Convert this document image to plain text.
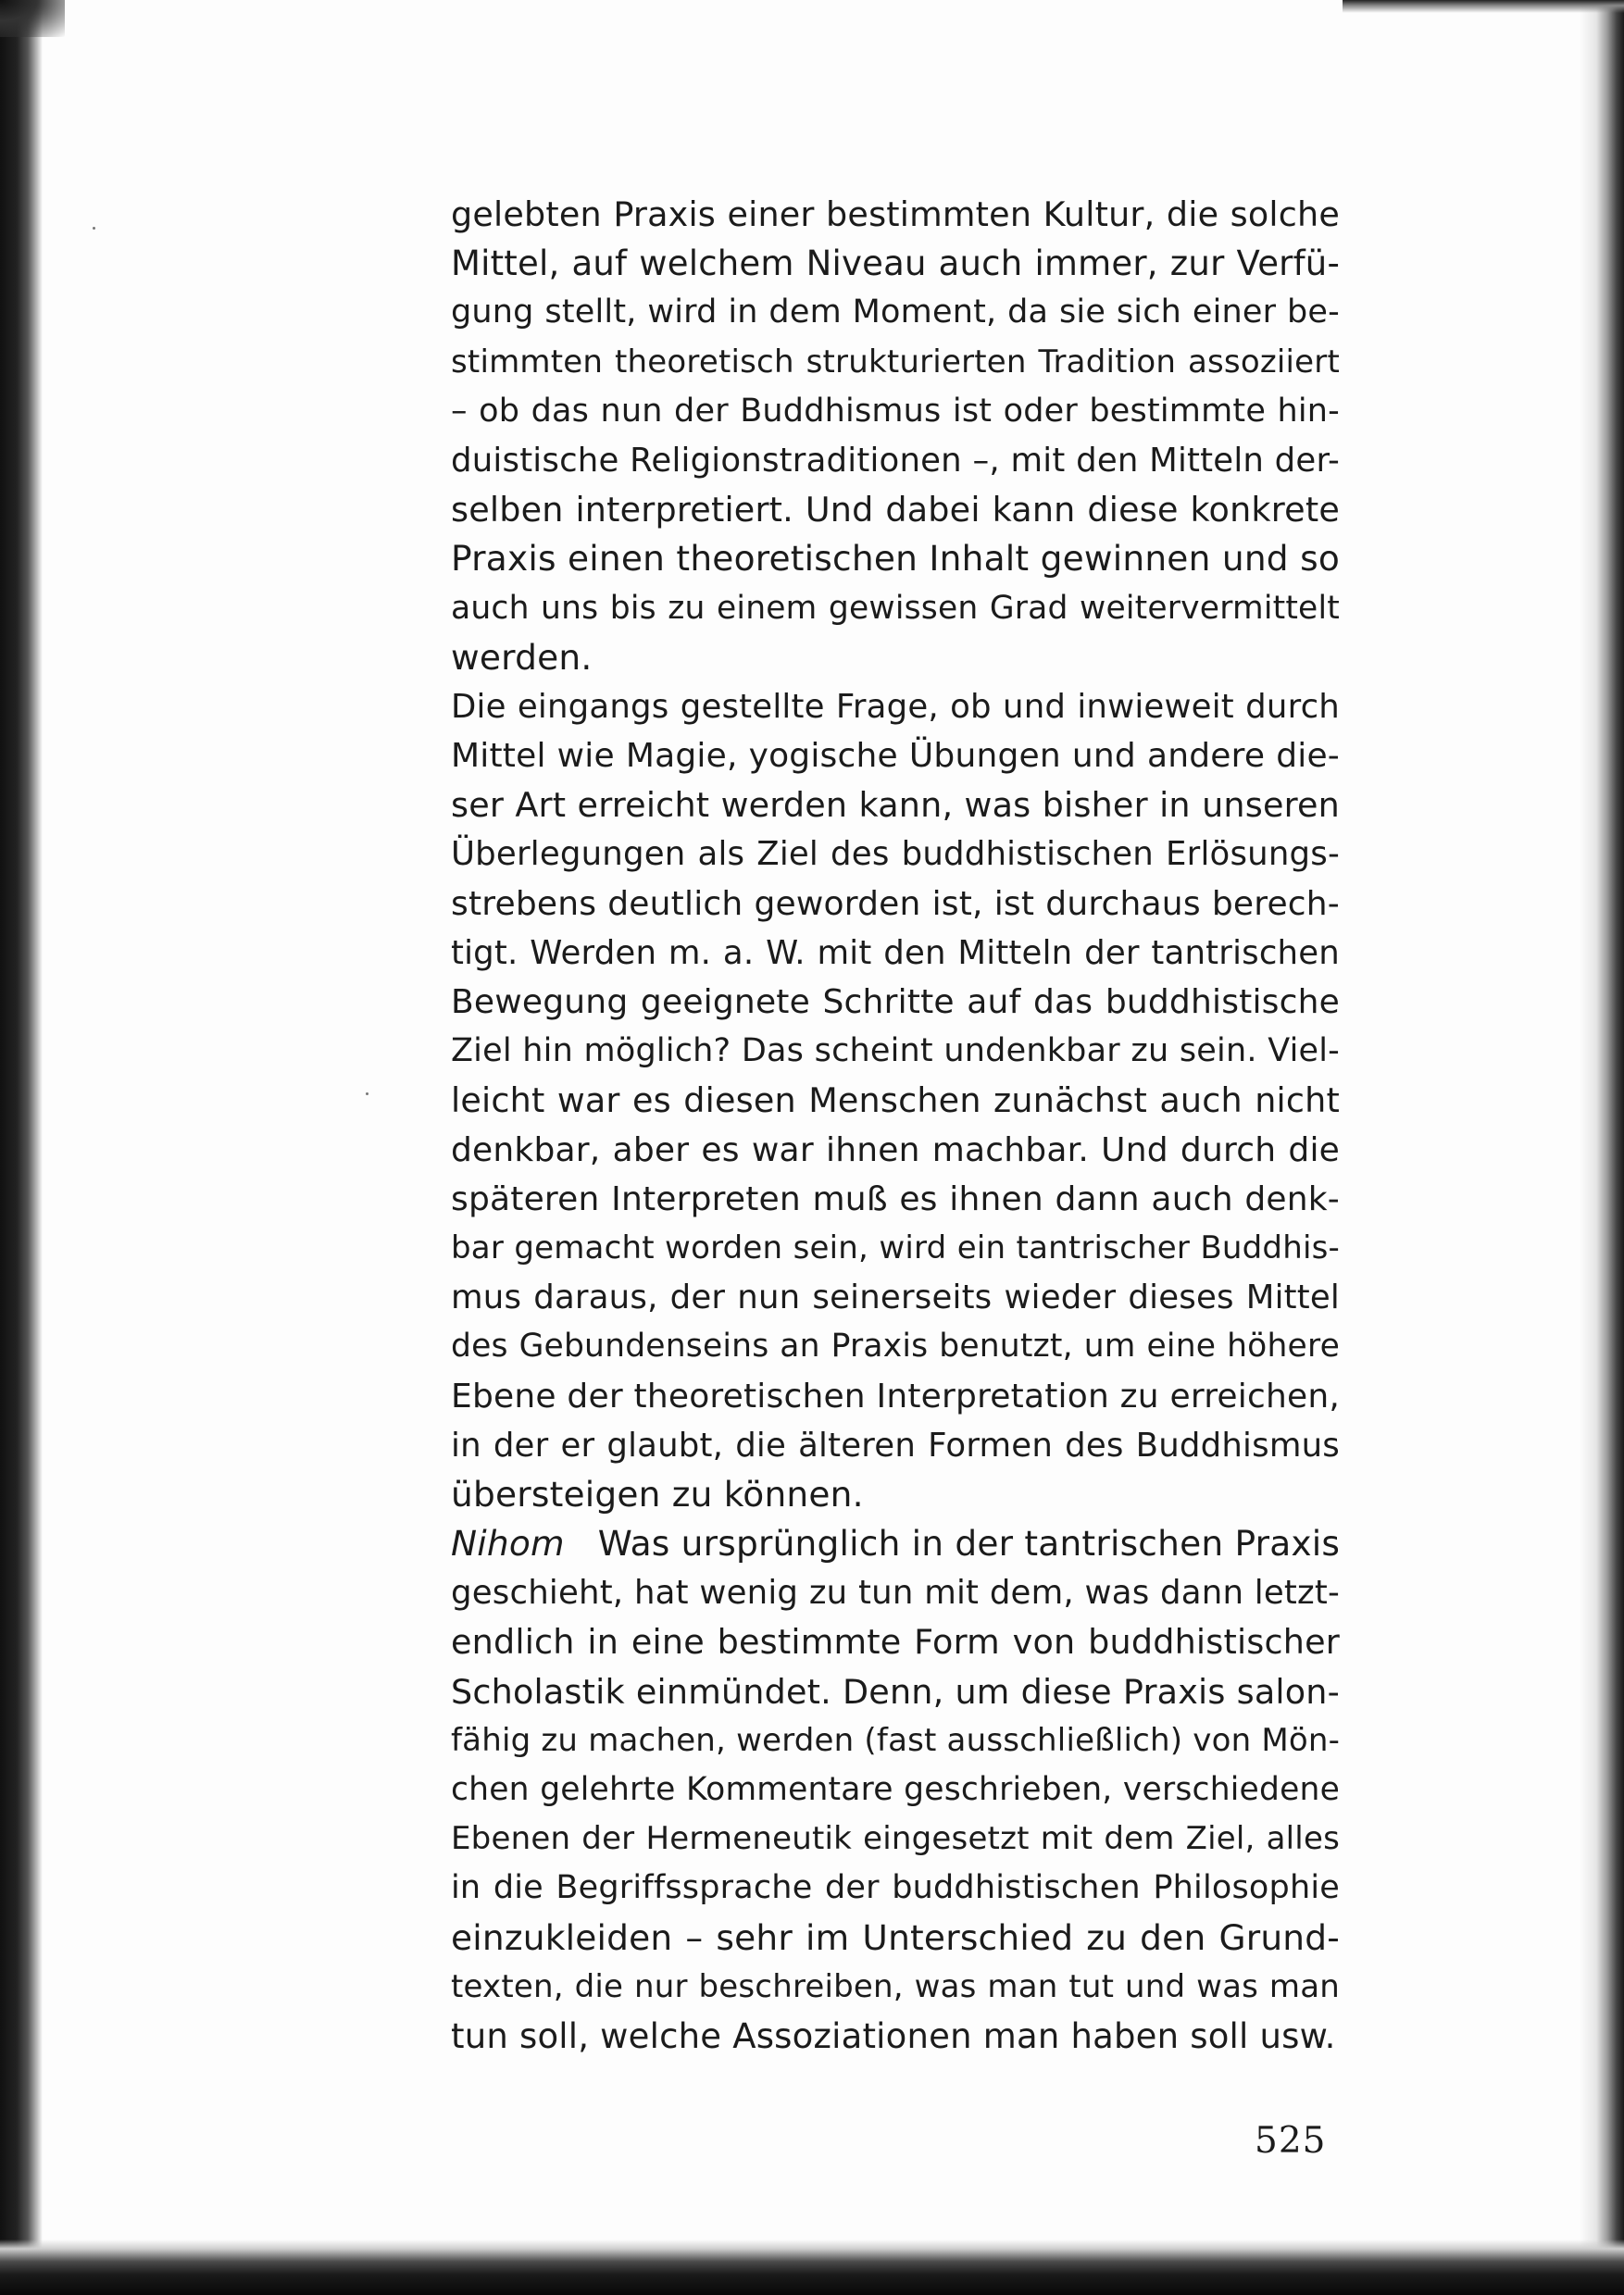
gelebten Praxis einer bestimmten Kultur, die solche
Mittel, auf welchem Niveau auch immer, zur Verfü-
gung stellt, wird in dem Moment, da sie sich einer be-
stimmten theoretisch strukturierten Tradition assoziiert
– ob das nun der Buddhismus ist oder bestimmte hin-
duistische Religionstraditionen –, mit den Mitteln der-
selben interpretiert. Und dabei kann diese konkrete
Praxis einen theoretischen Inhalt gewinnen und so
auch uns bis zu einem gewissen Grad weitervermittelt
werden.
Die eingangs gestellte Frage, ob und inwieweit durch
Mittel wie Magie, yogische Übungen und andere die-
ser Art erreicht werden kann, was bisher in unseren
Überlegungen als Ziel des buddhistischen Erlösungs-
strebens deutlich geworden ist, ist durchaus berech-
tigt. Werden m. a. W. mit den Mitteln der tantrischen
Bewegung geeignete Schritte auf das buddhistische
Ziel hin möglich? Das scheint undenkbar zu sein. Viel-
leicht war es diesen Menschen zunächst auch nicht
denkbar, aber es war ihnen machbar. Und durch die
späteren Interpreten muß es ihnen dann auch denk-
bar gemacht worden sein, wird ein tantrischer Buddhis-
mus daraus, der nun seinerseits wieder dieses Mittel
des Gebundenseins an Praxis benutzt, um eine höhere
Ebene der theoretischen Interpretation zu erreichen,
in der er glaubt, die älteren Formen des Buddhismus
übersteigen zu können.
Nihom Was ursprünglich in der tantrischen Praxis
geschieht, hat wenig zu tun mit dem, was dann letzt-
endlich in eine bestimmte Form von buddhistischer
Scholastik einmündet. Denn, um diese Praxis salon-
fähig zu machen, werden (fast ausschließlich) von Mön-
chen gelehrte Kommentare geschrieben, verschiedene
Ebenen der Hermeneutik eingesetzt mit dem Ziel, alles
in die Begriffssprache der buddhistischen Philosophie
einzukleiden – sehr im Unterschied zu den Grund-
texten, die nur beschreiben, was man tut und was man
tun soll, welche Assoziationen man haben soll usw.
525
